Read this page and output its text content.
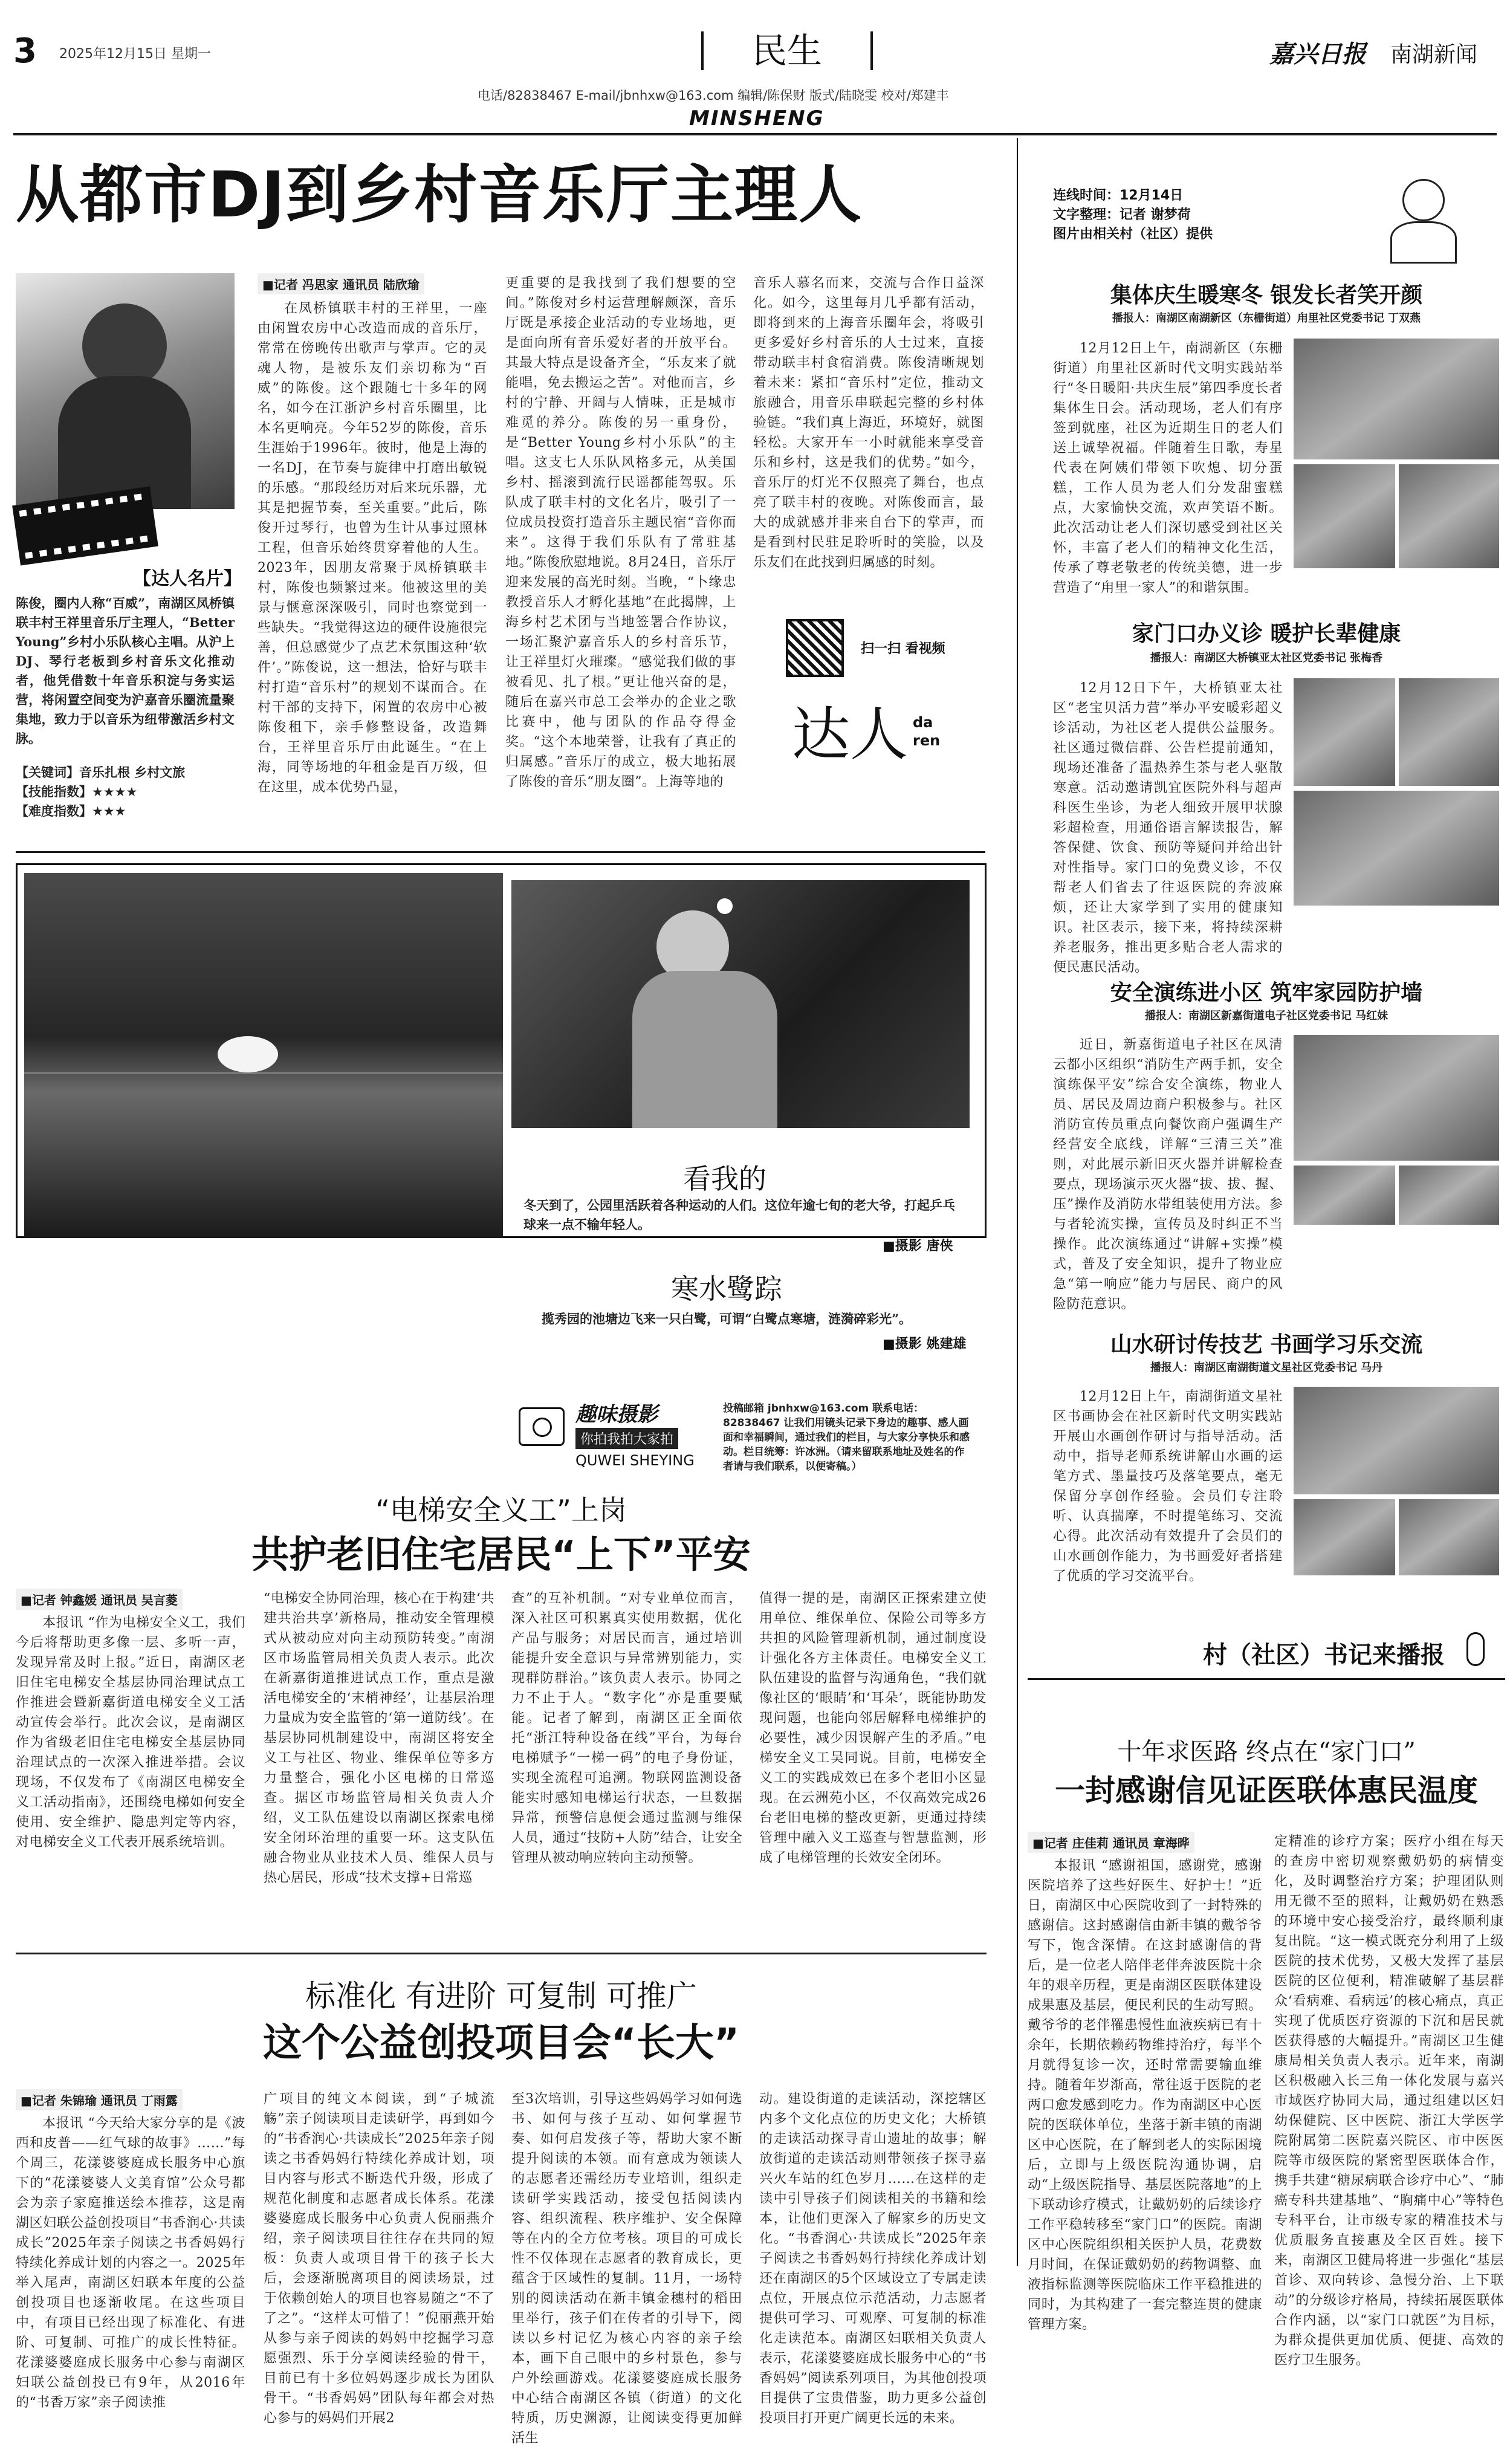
3 2025年12月15日 星期一	民生
电话/82838467 E-mail/jbnhxw@163.com 编辑/陈保财 版式/陆晓雯 校对/郑建丰
MINSHENG
嘉兴日报 南湖新闻
从都市DJ到乡村音乐厅主理人
【达人名片】
陈俊，圈内人称“百威”，南湖区凤桥镇联丰村王祥里音乐厅主理人，“Better Young”乡村小乐队核心主唱。从沪上DJ、琴行老板到乡村音乐文化推动者，他凭借数十年音乐积淀与务实运营，将闲置空间变为沪嘉音乐圈流量聚集地，致力于以音乐为纽带激活乡村文脉。
【关键词】音乐扎根 乡村文旅
【技能指数】★★★★
【难度指数】★★★
■记者 冯思家 通讯员 陆欣瑜
在凤桥镇联丰村的王祥里，一座由闲置农房中心改造而成的音乐厅，常常在傍晚传出歌声与掌声。它的灵魂人物，是被乐友们亲切称为“百威”的陈俊。这个跟随七十多年的网名，如今在江浙沪乡村音乐圈里，比本名更响亮。今年52岁的陈俊，音乐生涯始于1996年。彼时，他是上海的一名DJ，在节奏与旋律中打磨出敏锐的乐感。“那段经历对后来玩乐器，尤其是把握节奏，至关重要。”此后，陈俊开过琴行，也曾为生计从事过照林工程，但音乐始终贯穿着他的人生。2023年，因朋友常聚于凤桥镇联丰村，陈俊也频繁过来。他被这里的美景与惬意深深吸引，同时也察觉到一些缺失。“我觉得这边的硬件设施很完善，但总感觉少了点艺术氛围这种‘软件’。”陈俊说，这一想法，恰好与联丰村打造“音乐村”的规划不谋而合。在村干部的支持下，闲置的农房中心被陈俊租下，亲手修整设备，改造舞台，王祥里音乐厅由此诞生。“在上海，同等场地的年租金是百万级，但在这里，成本优势凸显，
更重要的是我找到了我们想要的空间。”陈俊对乡村运营理解颇深，音乐厅既是承接企业活动的专业场地，更是面向所有音乐爱好者的开放平台。其最大特点是设备齐全，“乐友来了就能唱，免去搬运之苦”。对他而言，乡村的宁静、开阔与人情味，正是城市难觅的养分。陈俊的另一重身份，是“Better Young乡村小乐队”的主唱。这支七人乐队风格多元，从美国乡村、摇滚到流行民谣都能驾驭。乐队成了联丰村的文化名片，吸引了一位成员投资打造音乐主题民宿“音你而来”。这得于我们乐队有了常驻基地。”陈俊欣慰地说。8月24日，音乐厅迎来发展的高光时刻。当晚，“卜缘忠教授音乐人才孵化基地”在此揭牌，上海乡村艺术团与当地签署合作协议，一场汇聚沪嘉音乐人的乡村音乐节，让王祥里灯火璀璨。“感觉我们做的事被看见、扎了根。”更让他兴奋的是，随后在嘉兴市总工会举办的企业之歌比赛中，他与团队的作品夺得金奖。“这个本地荣誉，让我有了真正的归属感。”音乐厅的成立，极大地拓展了陈俊的音乐“朋友圈”。上海等地的
音乐人慕名而来，交流与合作日益深化。如今，这里每月几乎都有活动，即将到来的上海音乐圈年会，将吸引更多爱好乡村音乐的人士过来，直接带动联丰村食宿消费。陈俊清晰规划着未来：紧扣“音乐村”定位，推动文旅融合，用音乐串联起完整的乡村体验链。“我们真上海近，环境好，就图轻松。大家开车一小时就能来享受音乐和乡村，这是我们的优势。”如今，音乐厅的灯光不仅照亮了舞台，也点亮了联丰村的夜晚。对陈俊而言，最大的成就感并非来自台下的掌声，而是看到村民驻足聆听时的笑脸，以及乐友们在此找到归属感的时刻。
扫一扫 看视频
达人 da ren
看我的
冬天到了，公园里活跃着各种运动的人们。这位年逾七旬的老大爷，打起乒乓球来一点不输年轻人。
■摄影 唐侠
寒水鹭踪
揽秀园的池塘边飞来一只白鹭，可谓“白鹭点寒塘，涟漪碎彩光”。
■摄影 姚建雄
趣味摄影
你拍我拍大家拍
QUWEI SHEYING
投稿邮箱 jbnhxw@163.com 联系电话：82838467 让我们用镜头记录下身边的趣事、感人画面和幸福瞬间，通过我们的栏目，与大家分享快乐和感动。栏目统筹：许冰洲。（请来留联系地址及姓名的作者请与我们联系，以便寄稿。）
“电梯安全义工”上岗
共护老旧住宅居民“上下”平安
■记者 钟鑫媛 通讯员 吴言菱
本报讯 “作为电梯安全义工，我们今后将帮助更多像一层、多听一声，发现异常及时上报。”近日，南湖区老旧住宅电梯安全基层协同治理试点工作推进会暨新嘉街道电梯安全义工活动宣传会举行。此次会议，是南湖区作为省级老旧住宅电梯安全基层协同治理试点的一次深入推进举措。会议现场，不仅发布了《南湖区电梯安全义工活动指南》，还围绕电梯如何安全使用、安全维护、隐患判定等内容，对电梯安全义工代表开展系统培训。
“电梯安全协同治理，核心在于构建‘共建共治共享’新格局，推动安全管理模式从被动应对向主动预防转变。”南湖区市场监管局相关负责人表示。此次在新嘉街道推进试点工作，重点是激活电梯安全的‘末梢神经’，让基层治理力量成为安全监管的‘第一道防线’。在基层协同机制建设中，南湖区将安全义工与社区、物业、维保单位等多方力量整合，强化小区电梯的日常巡查。据区市场监管局相关负责人介绍，义工队伍建设以南湖区探索电梯安全闭环治理的重要一环。这支队伍融合物业从业技术人员、维保人员与热心居民，形成“技术支撑+日常巡
查”的互补机制。“对专业单位而言，深入社区可积累真实使用数据，优化产品与服务；对居民而言，通过培训能提升安全意识与异常辨别能力，实现群防群治。”该负责人表示。协同之力不止于人。“数字化”亦是重要赋能。记者了解到，南湖区正全面依托“浙江特种设备在线”平台，为每台电梯赋予“一梯一码”的电子身份证，实现全流程可追溯。物联网监测设备能实时感知电梯运行状态，一旦数据异常，预警信息便会通过监测与维保人员，通过“技防+人防”结合，让安全管理从被动响应转向主动预警。
值得一提的是，南湖区正探索建立使用单位、维保单位、保险公司等多方共担的风险管理新机制，通过制度设计强化各方主体责任。电梯安全义工队伍建设的监督与沟通角色，“我们就像社区的‘眼睛’和‘耳朵’，既能协助发现问题，也能向邻居解释电梯维护的必要性，减少因误解产生的矛盾。”电梯安全义工吴同说。目前，电梯安全义工的实践成效已在多个老旧小区显现。在云洲苑小区，不仅高效完成26台老旧电梯的整改更新，更通过持续管理中融入义工巡查与智慧监测，形成了电梯管理的长效安全闭环。
标准化 有进阶 可复制 可推广
这个公益创投项目会“长大”
■记者 朱锦瑜 通讯员 丁雨露
本报讯 “今天给大家分享的是《波西和皮普——红气球的故事》……”每个周三，花漾婆婆庭成长服务中心旗下的“花漾婆婆人文美育馆”公众号都会为亲子家庭推送绘本推荐，这是南湖区妇联公益创投项目“书香润心·共读成长”2025年亲子阅读之书香妈妈行特续化养成计划的内容之一。2025年举入尾声，南湖区妇联本年度的公益创投项目也逐渐收尾。在这些项目中，有项目已经出现了标准化、有进阶、可复制、可推广的成长性特征。花漾婆婆庭成长服务中心参与南湖区妇联公益创投已有9年，从2016年的“书香万家”亲子阅读推
广项目的纯文本阅读，到“子城流觞”亲子阅读项目走读研学，再到如今的“书香润心·共读成长”2025年亲子阅读之书香妈妈行特续化养成计划，项目内容与形式不断迭代升级，形成了规范化制度和志愿者成长体系。花漾婆婆庭成长服务中心负责人倪丽燕介绍，亲子阅读项目往往存在共同的短板：负责人或项目骨干的孩子长大后，会逐渐脱离项目的阅读场景，过于依赖创始人的项目也容易随之“不了了之”。“这样太可惜了！”倪丽燕开始从参与亲子阅读的妈妈中挖掘学习意愿强烈、乐于分享阅读经验的骨干，目前已有十多位妈妈逐步成长为团队骨干。“书香妈妈”团队每年都会对热心参与的妈妈们开展2
至3次培训，引导这些妈妈学习如何选书、如何与孩子互动、如何掌握节奏、如何启发孩子等，帮助大家不断提升阅读的本领。而有意成为领读人的志愿者还需经历专业培训，组织走读研学实践活动，接受包括阅读内容、组织流程、秩序维护、安全保障等在内的全方位考核。项目的可成长性不仅体现在志愿者的教育成长，更蕴含于区域性的复制。11月，一场特别的阅读活动在新丰镇金穗村的稻田里举行，孩子们在传者的引导下，阅读以乡村记忆为核心内容的亲子绘本，画下自己眼中的乡村景色，参与户外绘画游戏。花漾婆婆庭成长服务中心结合南湖区各镇（街道）的文化特质，历史渊源，让阅读变得更加鲜活生
动。建设街道的走读活动，深挖辖区内多个文化点位的历史文化；大桥镇的走读活动探寻青山遗址的故事；解放街道的走读活动则带领孩子探寻嘉兴火车站的红色岁月……在这样的走读中引导孩子们阅读相关的书籍和绘本，让他们更深入了解家乡的历史文化。“书香润心·共读成长”2025年亲子阅读之书香妈妈行持续化养成计划还在南湖区的5个区域设立了专属走读点位，开展点位示范活动，力志愿者提供可学习、可观摩、可复制的标准化走读范本。南湖区妇联相关负责人表示，花漾婆婆庭成长服务中心的“书香妈妈”阅读系列项目，为其他创投项目提供了宝贵借鉴，助力更多公益创投项目打开更广阔更长远的未来。
连线时间：12月14日
文字整理：记者 谢梦荷
图片由相关村（社区）提供
集体庆生暖寒冬 银发长者笑开颜
播报人：南湖区南湖新区（东栅街道）甪里社区党委书记 丁双燕
12月12日上午，南湖新区（东栅街道）甪里社区新时代文明实践站举行“冬日暖阳·共庆生辰”第四季度长者集体生日会。活动现场，老人们有序签到就座，社区为近期生日的老人们送上诚挚祝福。伴随着生日歌，寿星代表在阿姨们带领下吹熄、切分蛋糕，工作人员为老人们分发甜蜜糕点，大家愉快交流，欢声笑语不断。此次活动让老人们深切感受到社区关怀，丰富了老人们的精神文化生活，传承了尊老敬老的传统美德，进一步营造了“甪里一家人”的和谐氛围。
家门口办义诊 暖护长辈健康
播报人：南湖区大桥镇亚太社区党委书记 张梅香
12月12日下午，大桥镇亚太社区“老宝贝活力营”举办平安暖彩超义诊活动，为社区老人提供公益服务。社区通过微信群、公告栏提前通知，现场还准备了温热养生茶与老人驱散寒意。活动邀请凯宜医院外科与超声科医生坐诊，为老人细致开展甲状腺彩超检查，用通俗语言解读报告，解答保健、饮食、预防等疑问并给出针对性指导。家门口的免费义诊，不仅帮老人们省去了往返医院的奔波麻烦，还让大家学到了实用的健康知识。社区表示，接下来，将持续深耕养老服务，推出更多贴合老人需求的便民惠民活动。
安全演练进小区 筑牢家园防护墙
播报人：南湖区新嘉街道电子社区党委书记 马红妹
近日，新嘉街道电子社区在凤清云都小区组织“消防生产两手抓，安全演练保平安”综合安全演练，物业人员、居民及周边商户积极参与。社区消防宣传员重点向餐饮商户强调生产经营安全底线，详解“三清三关”准则，对此展示新旧灭火器并讲解检查要点，现场演示灭火器“拔、拔、握、压”操作及消防水带组装使用方法。参与者轮流实操，宣传员及时纠正不当操作。此次演练通过“讲解+实操”模式，普及了安全知识，提升了物业应急“第一响应”能力与居民、商户的风险防范意识。
山水研讨传技艺 书画学习乐交流
播报人：南湖区南湖街道文星社区党委书记 马丹
12月12日上午，南湖街道文星社区书画协会在社区新时代文明实践站开展山水画创作研讨与指导活动。活动中，指导老师系统讲解山水画的运笔方式、墨量技巧及落笔要点，毫无保留分享创作经验。会员们专注聆听、认真揣摩，不时提笔练习、交流心得。此次活动有效提升了会员们的山水画创作能力，为书画爱好者搭建了优质的学习交流平台。
村（社区）书记来播报
十年求医路 终点在“家门口”
一封感谢信见证医联体惠民温度
■记者 庄佳莉 通讯员 章海晔
本报讯 “感谢祖国，感谢党，感谢医院培养了这些好医生、好护士！”近日，南湖区中心医院收到了一封特殊的感谢信。这封感谢信由新丰镇的戴爷爷写下，饱含深情。在这封感谢信的背后，是一位老人陪伴老伴奔波医院十余年的艰辛历程，更是南湖区医联体建设成果惠及基层，便民利民的生动写照。戴爷爷的老伴罹患慢性血液疾病已有十余年，长期依赖药物维持治疗，每半个月就得复诊一次，还时常需要输血维持。随着年岁渐高，常往返于医院的老两口愈发感到吃力。作为南湖区中心医院的医联体单位，坐落于新丰镇的南湖区中心医院，在了解到老人的实际困境后，立即与上级医院沟通协调，启动“上级医院指导、基层医院落地”的上下联动诊疗模式，让戴奶奶的后续诊疗工作平稳转移至“家门口”的医院。南湖区中心医院组织相关医护人员，花费数月时间，在保证戴奶奶的药物调整、血液指标监测等医院临床工作平稳推进的同时，为其构建了一套完整连贯的健康管理方案。
定精准的诊疗方案；医疗小组在每天的查房中密切观察戴奶奶的病情变化，及时调整治疗方案；护理团队则用无微不至的照料，让戴奶奶在熟悉的环境中安心接受治疗，最终顺利康复出院。“这一模式既充分利用了上级医院的技术优势，又极大发挥了基层医院的区位便利，精准破解了基层群众‘看病难、看病远’的核心痛点，真正实现了优质医疗资源的下沉和居民就医获得感的大幅提升。”南湖区卫生健康局相关负责人表示。近年来，南湖区积极融入长三角一体化发展与嘉兴市域医疗协同大局，通过组建以区妇幼保健院、区中医院、浙江大学医学院附属第二医院嘉兴院区、市中医医院等市级医院的紧密型医联体合作，携手共建“糖尿病联合诊疗中心”、“肺癌专科共建基地”、“胸痛中心”等特色专科平台，让市级专家的精准技术与优质服务直接惠及全区百姓。接下来，南湖区卫健局将进一步强化“基层首诊、双向转诊、急慢分治、上下联动”的分级诊疗格局，持续拓展医联体合作内涵，以“家门口就医”为目标，为群众提供更加优质、便捷、高效的医疗卫生服务。
